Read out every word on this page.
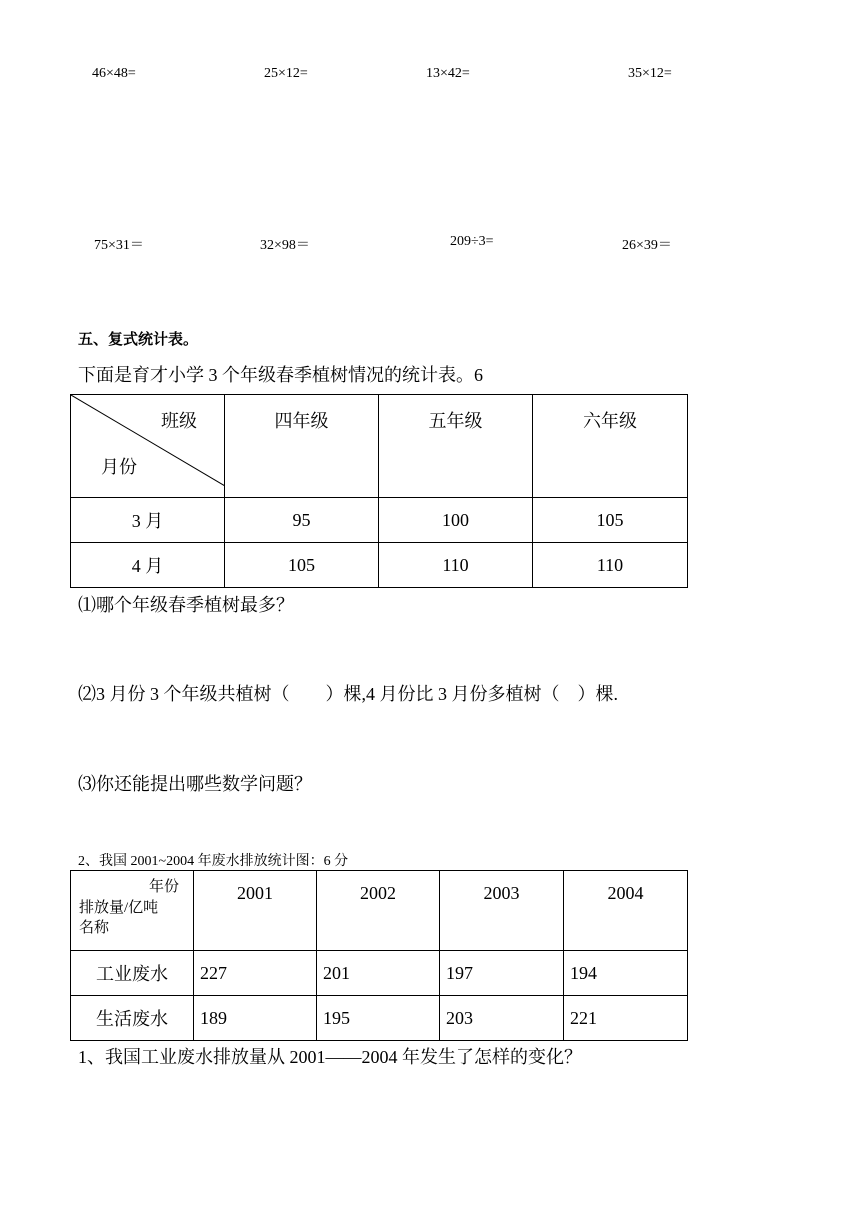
46×48=	25×12=	13×42=	35×12=
75×31＝	32×98＝	209÷3=	26×39＝
五、复式统计表。
下面是育才小学 3 个年级春季植树情况的统计表。6
班级
月份	四年级	五年级	六年级
3 月	95	100	105
4 月	105	110	110
⑴哪个年级春季植树最多？
⑵3 月份 3 个年级共植树（　　）棵,4 月份比 3 月份多植树（　）棵.
⑶你还能提出哪些数学问题？
2、我国 2001~2004 年废水排放统计图：6 分
年份
排放量/亿吨
名称	2001	2002	2003	2004
工业废水	227	201	197	194
生活废水	189	195	203	221
1、我国工业废水排放量从 2001——2004 年发生了怎样的变化？
